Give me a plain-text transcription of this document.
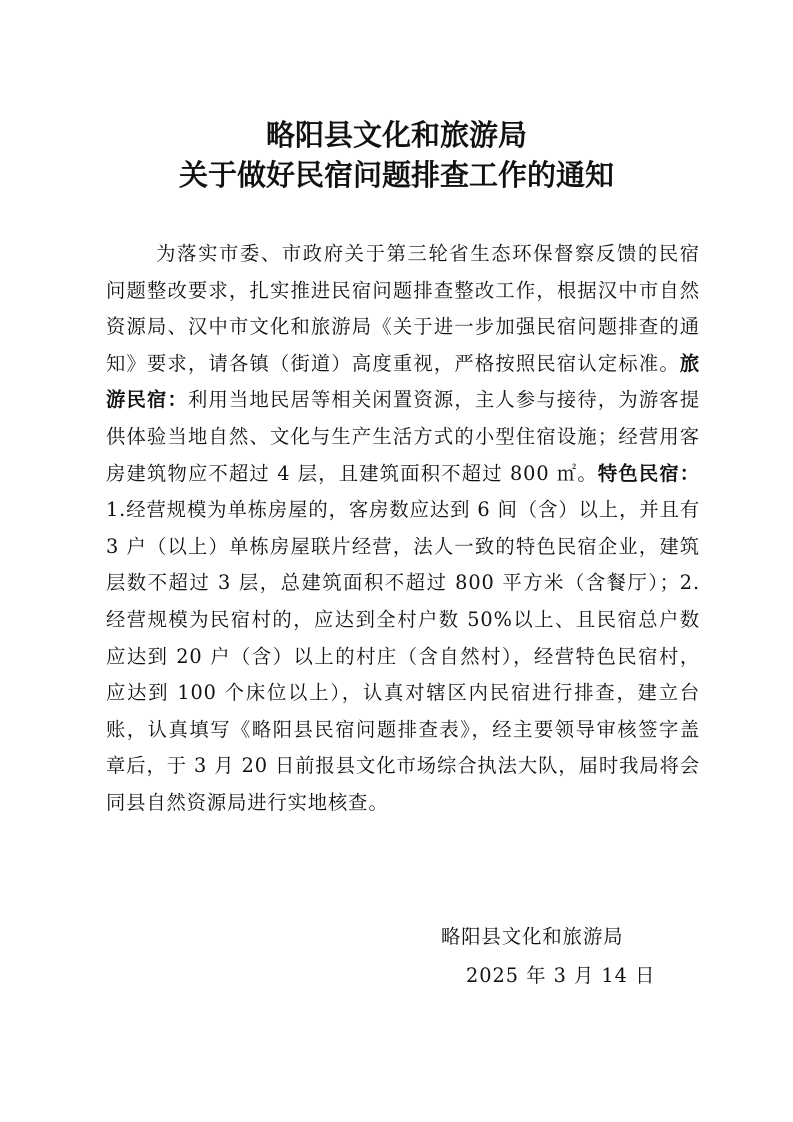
略阳县文化和旅游局
关于做好民宿问题排查工作的通知
为落实市委、市政府关于第三轮省生态环保督察反馈的民宿问题整改要求，扎实推进民宿问题排查整改工作，根据汉中市自然资源局、汉中市文化和旅游局《关于进一步加强民宿问题排查的通知》要求，请各镇（街道）高度重视，严格按照民宿认定标准。旅游民宿：利用当地民居等相关闲置资源，主人参与接待，为游客提供体验当地自然、文化与生产生活方式的小型住宿设施；经营用客房建筑物应不超过 4 层，且建筑面积不超过 800 ㎡。特色民宿：1.经营规模为单栋房屋的，客房数应达到 6 间（含）以上，并且有 3 户（以上）单栋房屋联片经营，法人一致的特色民宿企业，建筑层数不超过 3 层，总建筑面积不超过 800 平方米（含餐厅）；2.经营规模为民宿村的，应达到全村户数 50%以上、且民宿总户数应达到 20 户（含）以上的村庄（含自然村），经营特色民宿村，应达到 100 个床位以上），认真对辖区内民宿进行排查，建立台账，认真填写《略阳县民宿问题排查表》，经主要领导审核签字盖章后，于 3 月 20 日前报县文化市场综合执法大队，届时我局将会同县自然资源局进行实地核查。
略阳县文化和旅游局
2025 年 3 月 14 日
